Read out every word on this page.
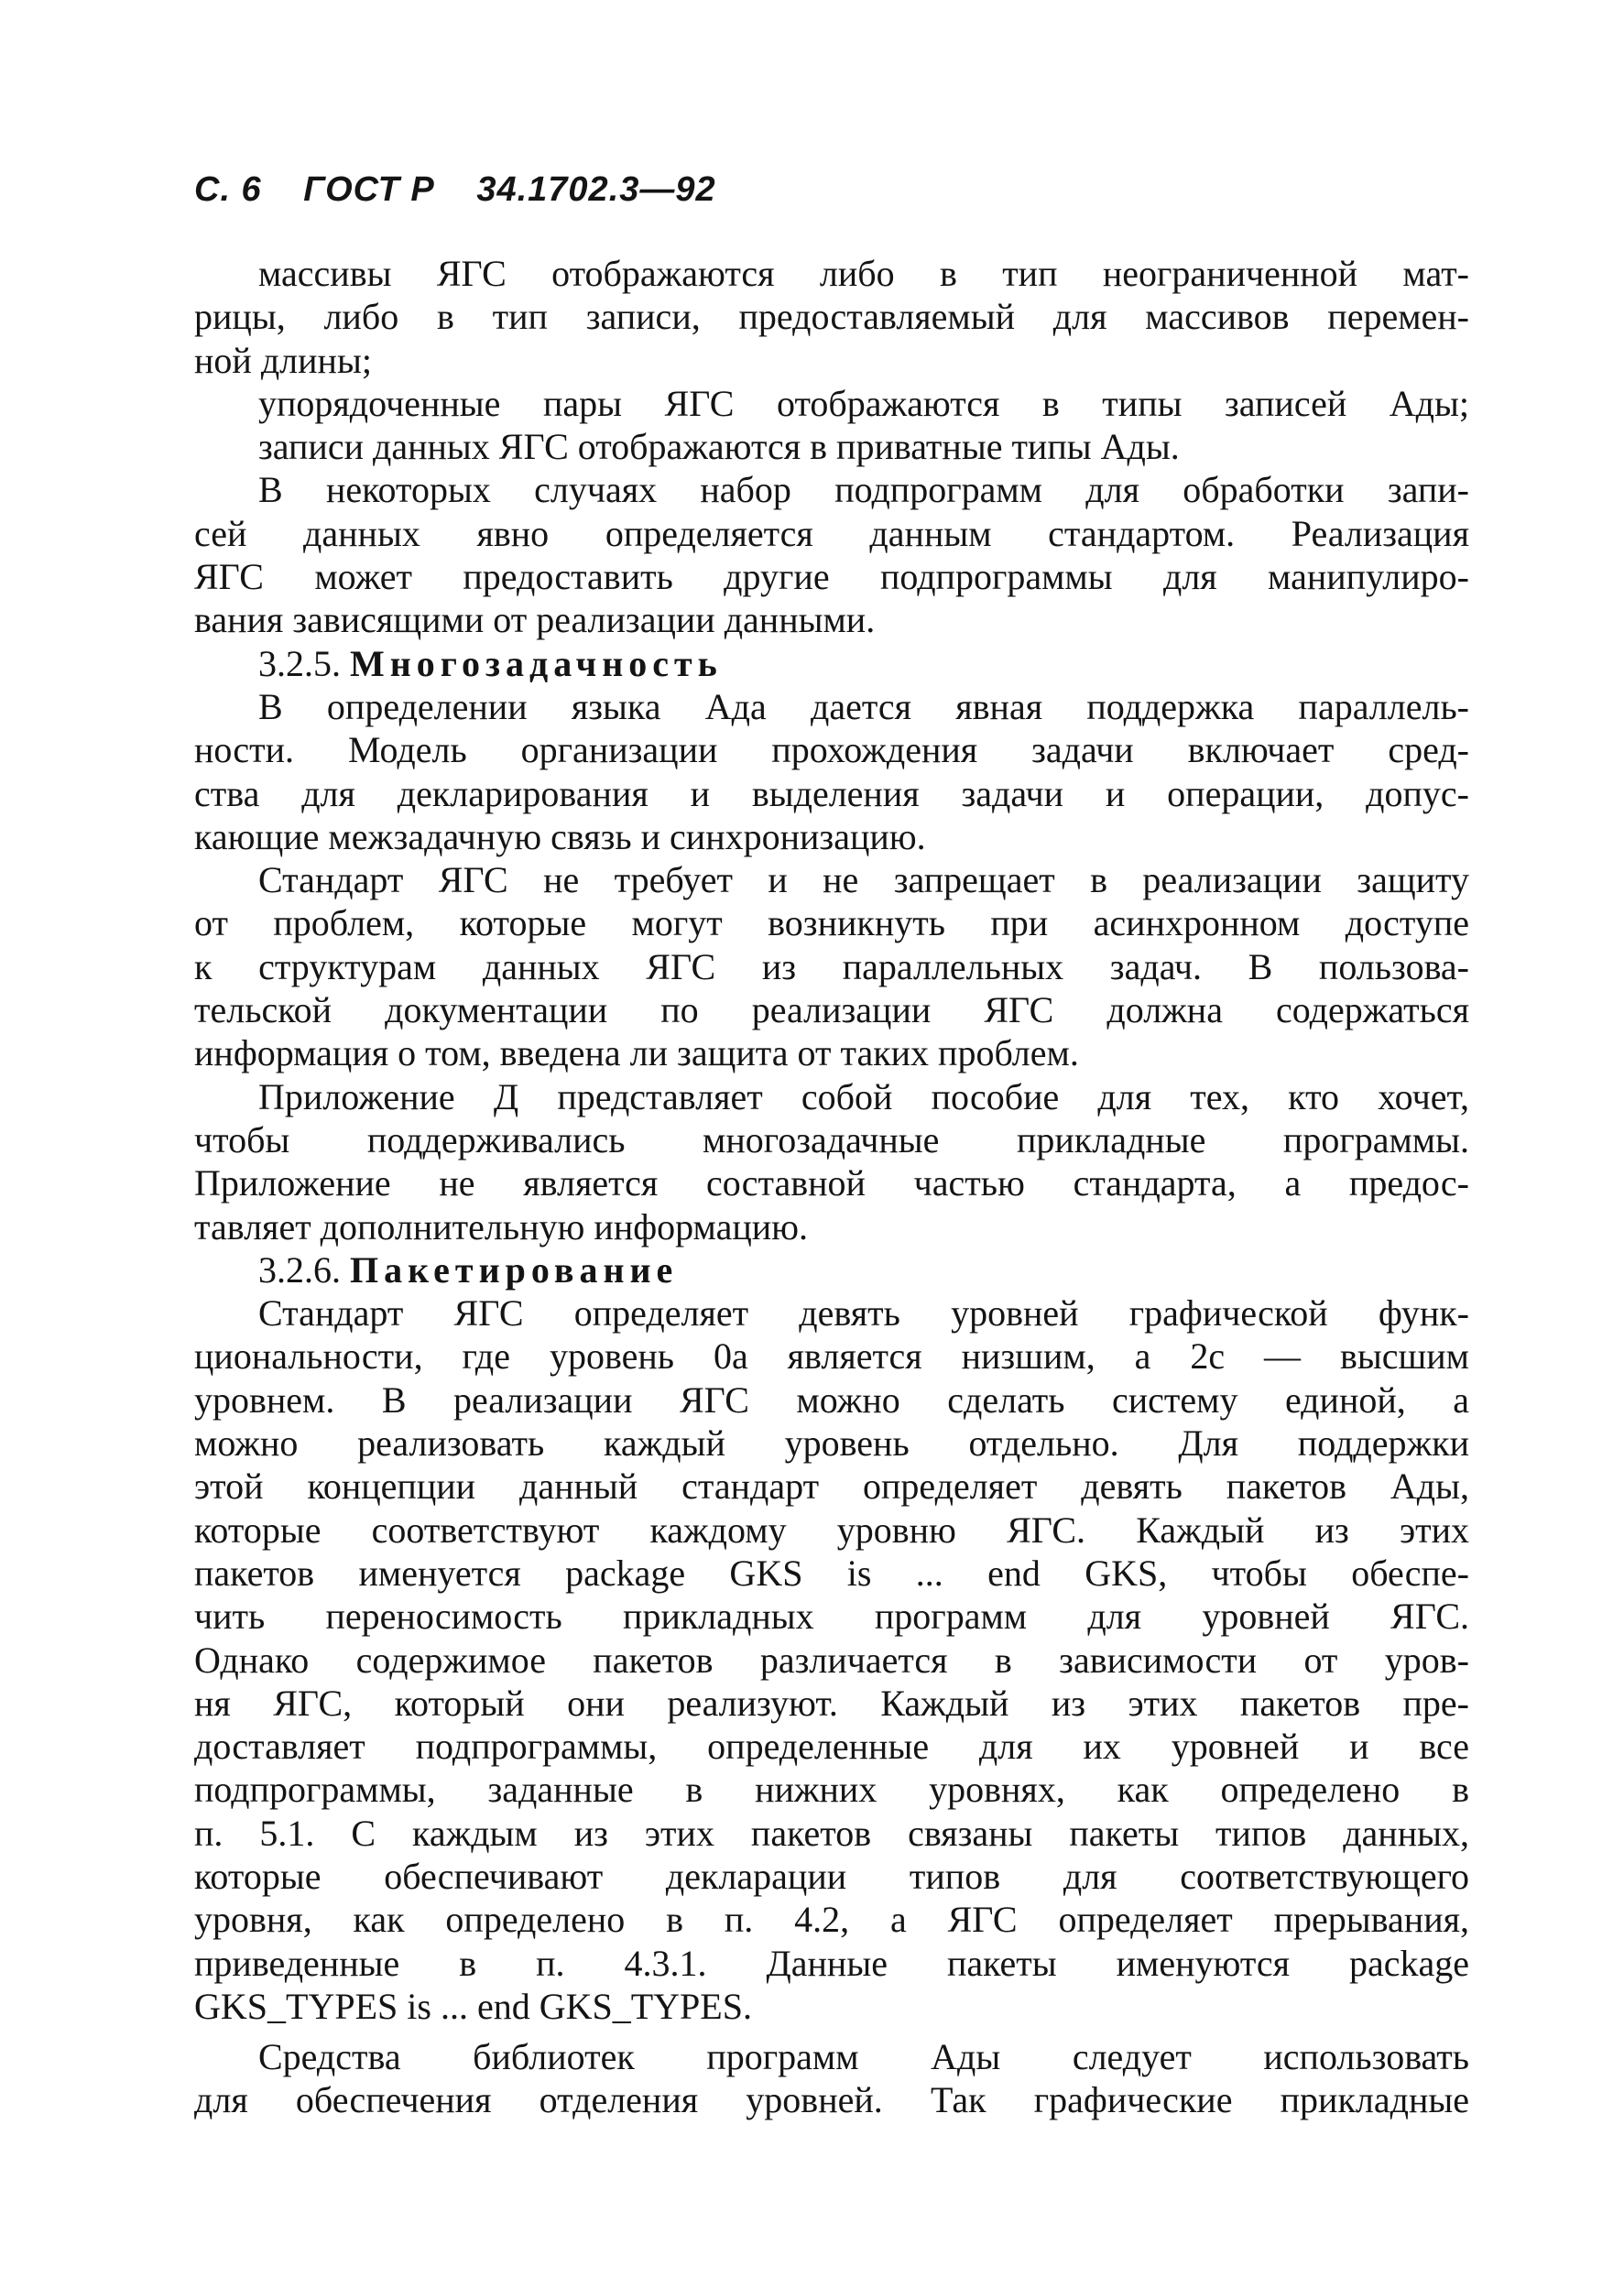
С. 6 ГОСТ Р 34.1702.3—92
массивы ЯГС отображаются либо в тип неограниченной мат-
рицы, либо в тип записи, предоставляемый для массивов перемен-
ной длины;
упорядоченные пары ЯГС отображаются в типы записей Ады;
записи данных ЯГС отображаются в приватные типы Ады.
В некоторых случаях набор подпрограмм для обработки запи-
сей данных явно определяется данным стандартом. Реализация
ЯГС может предоставить другие подпрограммы для манипулиро-
вания зависящими от реализации данными.
3.2.5. Многозадачность
В определении языка Ада дается явная поддержка параллель-
ности. Модель организации прохождения задачи включает сред-
ства для декларирования и выделения задачи и операции, допус-
кающие межзадачную связь и синхронизацию.
Стандарт ЯГС не требует и не запрещает в реализации защиту
от проблем, которые могут возникнуть при асинхронном доступе
к структурам данных ЯГС из параллельных задач. В пользова-
тельской документации по реализации ЯГС должна содержаться
информация о том, введена ли защита от таких проблем.
Приложение Д представляет собой пособие для тех, кто хочет,
чтобы поддерживались многозадачные прикладные программы.
Приложение не является составной частью стандарта, а предос-
тавляет дополнительную информацию.
3.2.6. Пакетирование
Стандарт ЯГС определяет девять уровней графической функ-
циональности, где уровень 0а является низшим, а 2с — высшим
уровнем. В реализации ЯГС можно сделать систему единой, а
можно реализовать каждый уровень отдельно. Для поддержки
этой концепции данный стандарт определяет девять пакетов Ады,
которые соответствуют каждому уровню ЯГС. Каждый из этих
пакетов именуется package GKS is ... end GKS, чтобы обеспе-
чить переносимость прикладных программ для уровней ЯГС.
Однако содержимое пакетов различается в зависимости от уров-
ня ЯГС, который они реализуют. Каждый из этих пакетов пре-
доставляет подпрограммы, определенные для их уровней и все
подпрограммы, заданные в нижних уровнях, как определено в
п. 5.1. С каждым из этих пакетов связаны пакеты типов данных,
которые обеспечивают декларации типов для соответствующего
уровня, как определено в п. 4.2, а ЯГС определяет прерывания,
приведенные в п. 4.3.1. Данные пакеты именуются package
GKS_TYPES is ... end GKS_TYPES.
Средства библиотек программ Ады следует использовать
для обеспечения отделения уровней. Так графические прикладные
